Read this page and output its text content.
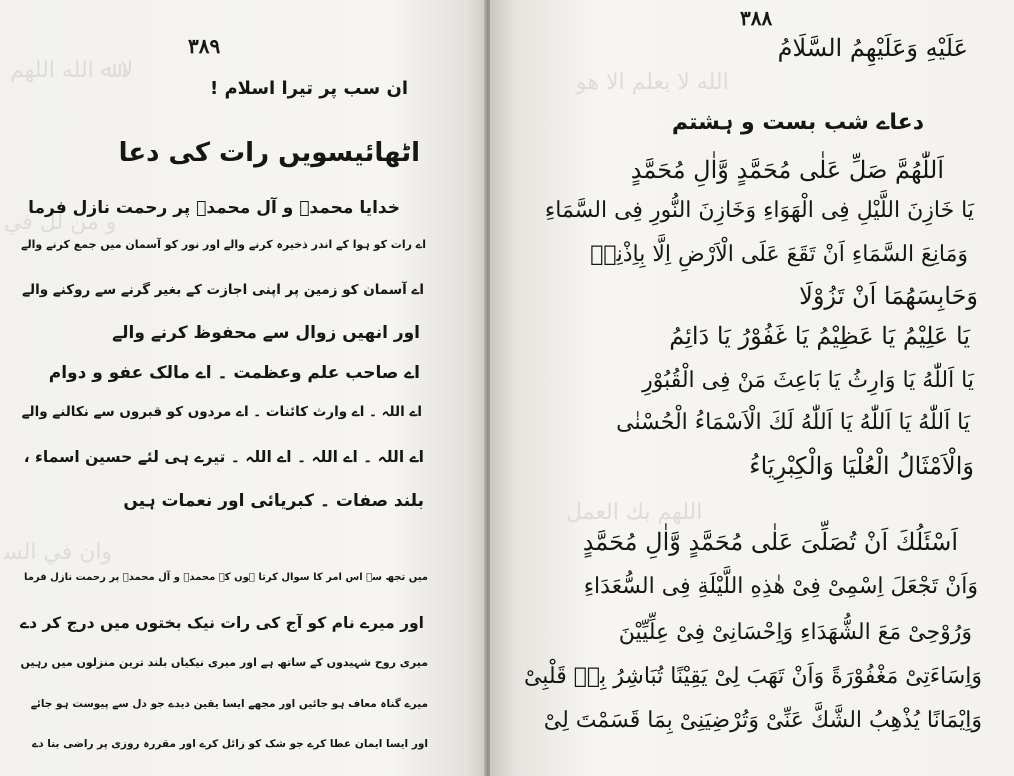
ﻻ ﷲ ﺍﻟﻠﻪ ﺍﻟﻠﻬﻢ
ﻭ ﻣﻦ ﻟﻞ ﻓﻲ
ﻭﺍﻥ ﻓﻲ ﺍﻟﺴ
۳۸۹
ان سب پر تیرا اسلام !
اٹھائیسویں رات کی دعا
خدایا محمدؐ و آل محمدؐ پر رحمت نازل فرما
اے رات کو ہوا کے اندر ذخیرہ کرنے والے اور نور کو آسمان میں جمع کرنے والے
اے آسمان کو زمین پر اپنی اجازت کے بغیر گرنے سے روکنے والے
اور انھیں زوال سے محفوظ کرنے والے
اے صاحب علم وعظمت ۔ اے مالک عفو و دوام
اے اللہ ۔ اے وارث کائنات ۔ اے مردوں کو قبروں سے نکالنے والے
اے اللہ ۔ اے اللہ ۔ اے اللہ ۔ تیرے ہی لئے حسین اسماء ،
بلند صفات ۔ کبریائی اور نعمات ہیں
میں تجھ سے اس امر کا سوال کرتا ہوں کہ محمدؐ و آل محمدؐ پر رحمت نازل فرما
اور میرے نام کو آج کی رات نیک بختوں میں درج کر دے
میری روح شہیدوں کے ساتھ ہے اور میری نیکیاں بلند ترین منزلوں میں رہیں
میرے گناہ معاف ہو جائیں اور مجھے ایسا یقین دیدے جو دل سے پیوست ہو جائے
اور ایسا ایمان عطا کرے جو شک کو زائل کرے اور مقررہ روزی پر راضی بنا دے
ﺍﻟﻠﻪ ﻻ ﻳﻌﻠﻢ ﺍﻻ ﻫﻮ
ﺍﻟﻠﻬﻢ ﺑﻚ ﺍﻟﻌﻤﻞ
۳۸۸
عَلَيْهِ وَعَلَيْهِمُ السَّلَامُ
دعاے شب بست و ہشتم
اَللّٰهُمَّ صَلِّ عَلٰى مُحَمَّدٍ وَّاٰلِ مُحَمَّدٍ
يَا خَازِنَ اللَّيْلِ فِى الْهَوَاءِ وَخَازِنَ النُّورِ فِى السَّمَاءِ
وَمَانِعَ السَّمَاءِ اَنْ تَقَعَ عَلَى الْاَرْضِ اِلَّا بِاِذْنِهٖ
وَحَابِسَهُمَا اَنْ تَزُوْلَا
يَا عَلِيْمُ يَا عَظِيْمُ يَا غَفُوْرُ يَا دَائِمُ
يَا اَللّٰهُ يَا وَارِثُ يَا بَاعِثَ مَنْ فِى الْقُبُوْرِ
يَا اَللّٰهُ يَا اَللّٰهُ يَا اَللّٰهُ لَكَ الْاَسْمَاءُ الْحُسْنٰى
وَالْاَمْثَالُ الْعُلْيَا وَالْكِبْرِيَاءُ
اَسْئَلُكَ اَنْ تُصَلِّىَ عَلٰى مُحَمَّدٍ وَّاٰلِ مُحَمَّدٍ
وَاَنْ تَجْعَلَ اِسْمِىْ فِىْ هٰذِهِ اللَّيْلَةِ فِى السُّعَدَاءِ
وَرُوْحِىْ مَعَ الشُّهَدَاءِ وَاِحْسَانِىْ فِىْ عِلِّيِّيْنَ
وَاِسَاءَتِىْ مَغْفُوْرَةً وَاَنْ تَهَبَ لِىْ يَقِيْنًا تُبَاشِرُ بِهٖ قَلْبِىْ
وَاِيْمَانًا يُذْهِبُ الشَّكَّ عَنِّىْ وَتُرْضِيَنِىْ بِمَا قَسَمْتَ لِىْ
